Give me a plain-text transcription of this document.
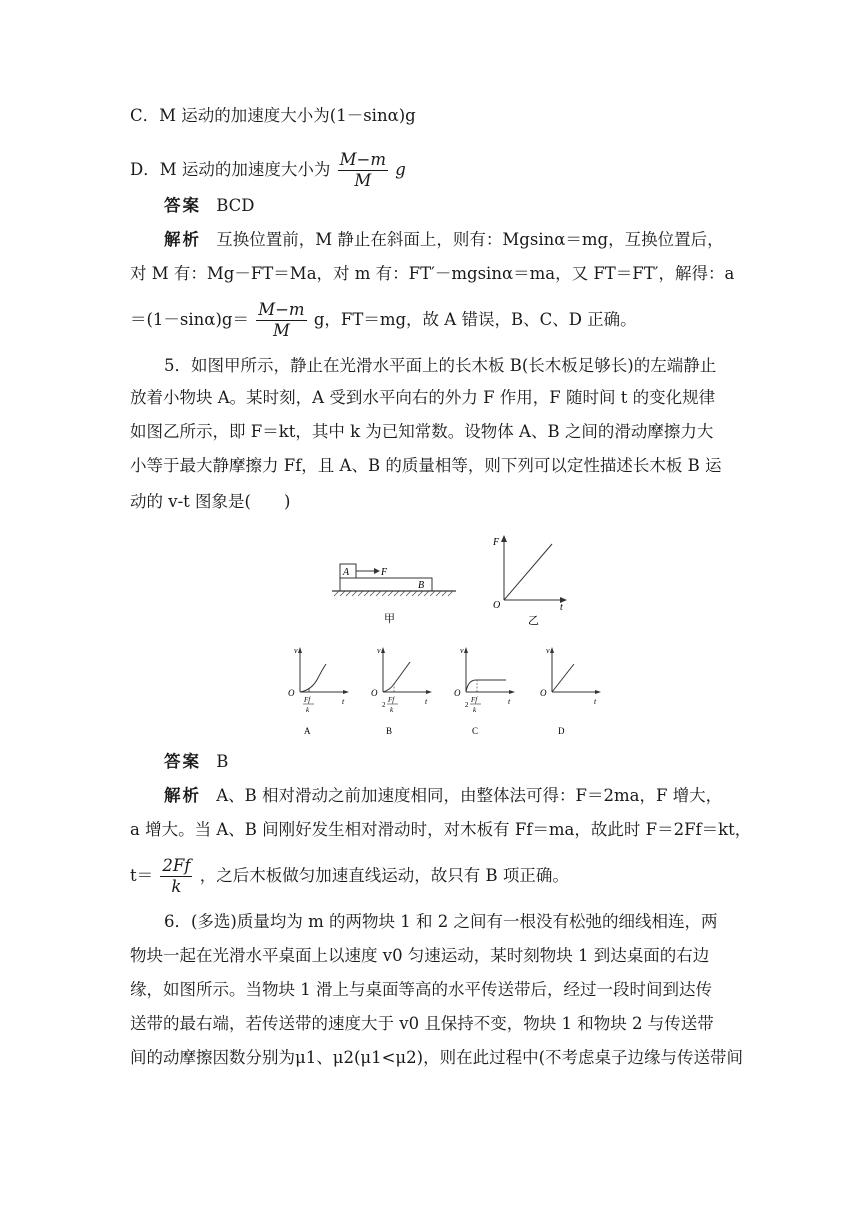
C．M 运动的加速度大小为(1－sinα)g
D．M 运动的加速度大小为 $\frac{M-m}{M}$ g
答案 BCD
解析 互换位置前，M 静止在斜面上，则有：Mgsinα＝mg，互换位置后，
对 M 有：Mg－FT＝Ma，对 m 有：FT′－mgsinα＝ma，又 FT＝FT′，解得：a
$=(1-\sin\alpha)g= \frac{M-m}{M}$ g，FT＝mg，故 A 错误，B、C、D 正确。
5．如图甲所示，静止在光滑水平面上的长木板 B(长木板足够长)的左端静止
放着小物块 A。某时刻，A 受到水平向右的外力 F 作用，F 随时间 t 的变化规律
如图乙所示，即 F＝kt，其中 k 为已知常数。设物体 A、B 之间的滑动摩擦力大
小等于最大静摩擦力 Ff，且 A、B 的质量相等，则下列可以定性描述长木板 B 运
动的 v-t 图象是(　　)
A
B
F
甲
F
t
O
乙
v
O
t
Ff
k
A
v
O
t
2
Ff
k
B
v
O
t
2
Ff
k
C
v
O
t
D
答案 B
解析 A、B 相对滑动之前加速度相同，由整体法可得：F＝2ma，F 增大，
a 增大。当 A、B 间刚好发生相对滑动时，对木板有 Ff＝ma，故此时 F＝2Ff＝kt，
$t= \frac{2Ff}{k}$ ，之后木板做匀加速直线运动，故只有 B 项正确。
6．(多选)质量均为 m 的两物块 1 和 2 之间有一根没有松弛的细线相连，两
物块一起在光滑水平桌面上以速度 v0 匀速运动，某时刻物块 1 到达桌面的右边
缘，如图所示。当物块 1 滑上与桌面等高的水平传送带后，经过一段时间到达传
送带的最右端，若传送带的速度大于 v0 且保持不变，物块 1 和物块 2 与传送带
间的动摩擦因数分别为μ1、μ2(μ1<μ2)，则在此过程中(不考虑桌子边缘与传送带间
